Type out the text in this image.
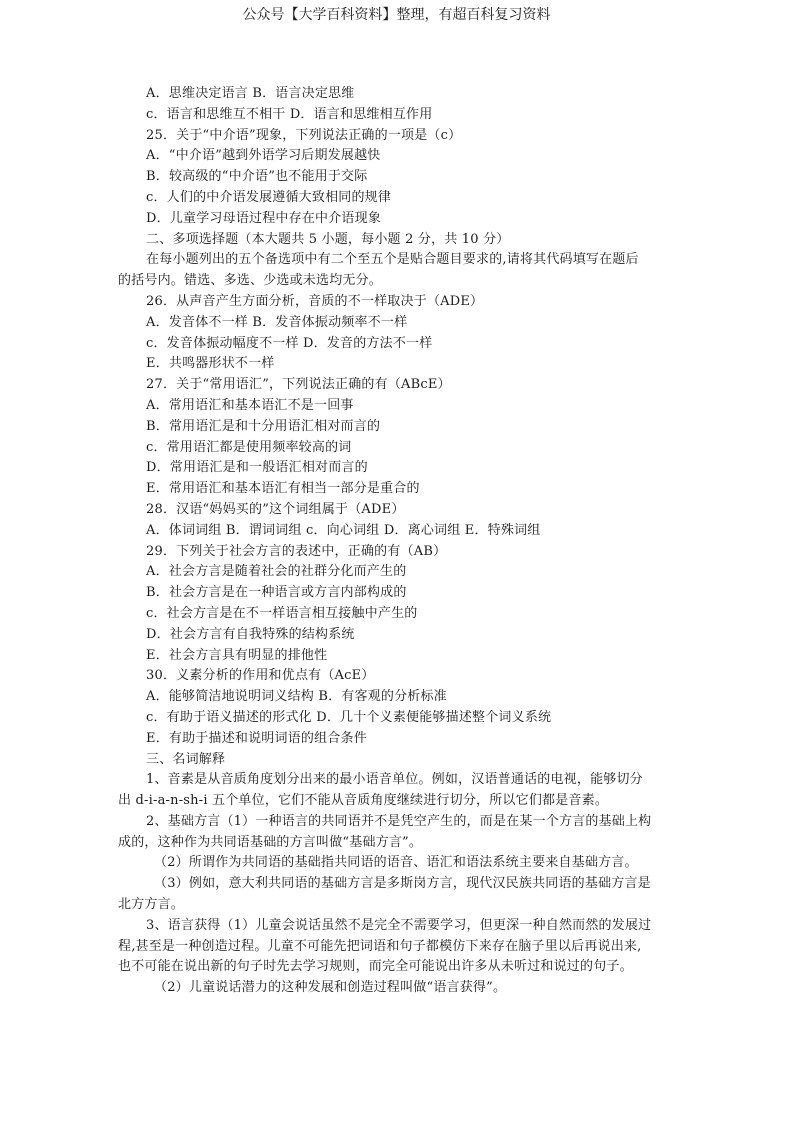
公众号【大学百科资料】整理，有超百科复习资料
A．思维决定语言 B．语言决定思维
c．语言和思维互不相干 D．语言和思维相互作用
25．关于“中介语”现象，下列说法正确的一项是（c）
A．“中介语”越到外语学习后期发展越快
B．较高级的“中介语”也不能用于交际
c．人们的中介语发展遵循大致相同的规律
D．儿童学习母语过程中存在中介语现象
二、多项选择题（本大题共 5 小题，每小题 2 分，共 10 分）
在每小题列出的五个备选项中有二个至五个是贴合题目要求的,请将其代码填写在题后
的括号内。错选、多选、少选或未选均无分。
26．从声音产生方面分析，音质的不一样取决于（ADE）
A．发音体不一样 B．发音体振动频率不一样
c．发音体振动幅度不一样 D．发音的方法不一样
E．共鸣器形状不一样
27．关于“常用语汇”，下列说法正确的有（ABcE）
A．常用语汇和基本语汇不是一回事
B．常用语汇是和十分用语汇相对而言的
c．常用语汇都是使用频率较高的词
D．常用语汇是和一般语汇相对而言的
E．常用语汇和基本语汇有相当一部分是重合的
28．汉语“妈妈买的”这个词组属于（ADE）
A．体词词组 B．谓词词组 c．向心词组 D．离心词组 E．特殊词组
29．下列关于社会方言的表述中，正确的有（AB）
A．社会方言是随着社会的社群分化而产生的
B．社会方言是在一种语言或方言内部构成的
c．社会方言是在不一样语言相互接触中产生的
D．社会方言有自我特殊的结构系统
E．社会方言具有明显的排他性
30．义素分析的作用和优点有（AcE）
A．能够简洁地说明词义结构 B．有客观的分析标准
c．有助于语义描述的形式化 D．几十个义素便能够描述整个词义系统
E．有助于描述和说明词语的组合条件
三、名词解释
1、音素是从音质角度划分出来的最小语音单位。例如，汉语普通话的电视，能够切分
出 d-i-a-n-sh-i 五个单位，它们不能从音质角度继续进行切分，所以它们都是音素。
2、基础方言（1）一种语言的共同语并不是凭空产生的，而是在某一个方言的基础上构
成的，这种作为共同语基础的方言叫做“基础方言”。
（2）所谓作为共同语的基础指共同语的语音、语汇和语法系统主要来自基础方言。
（3）例如，意大利共同语的基础方言是多斯岗方言，现代汉民族共同语的基础方言是
北方方言。
3、语言获得（1）儿童会说话虽然不是完全不需要学习，但更深一种自然而然的发展过
程,甚至是一种创造过程。儿童不可能先把词语和句子都模仿下来存在脑子里以后再说出来,
也不可能在说出新的句子时先去学习规则，而完全可能说出许多从未听过和说过的句子。
（2）儿童说话潜力的这种发展和创造过程叫做“语言获得”。
